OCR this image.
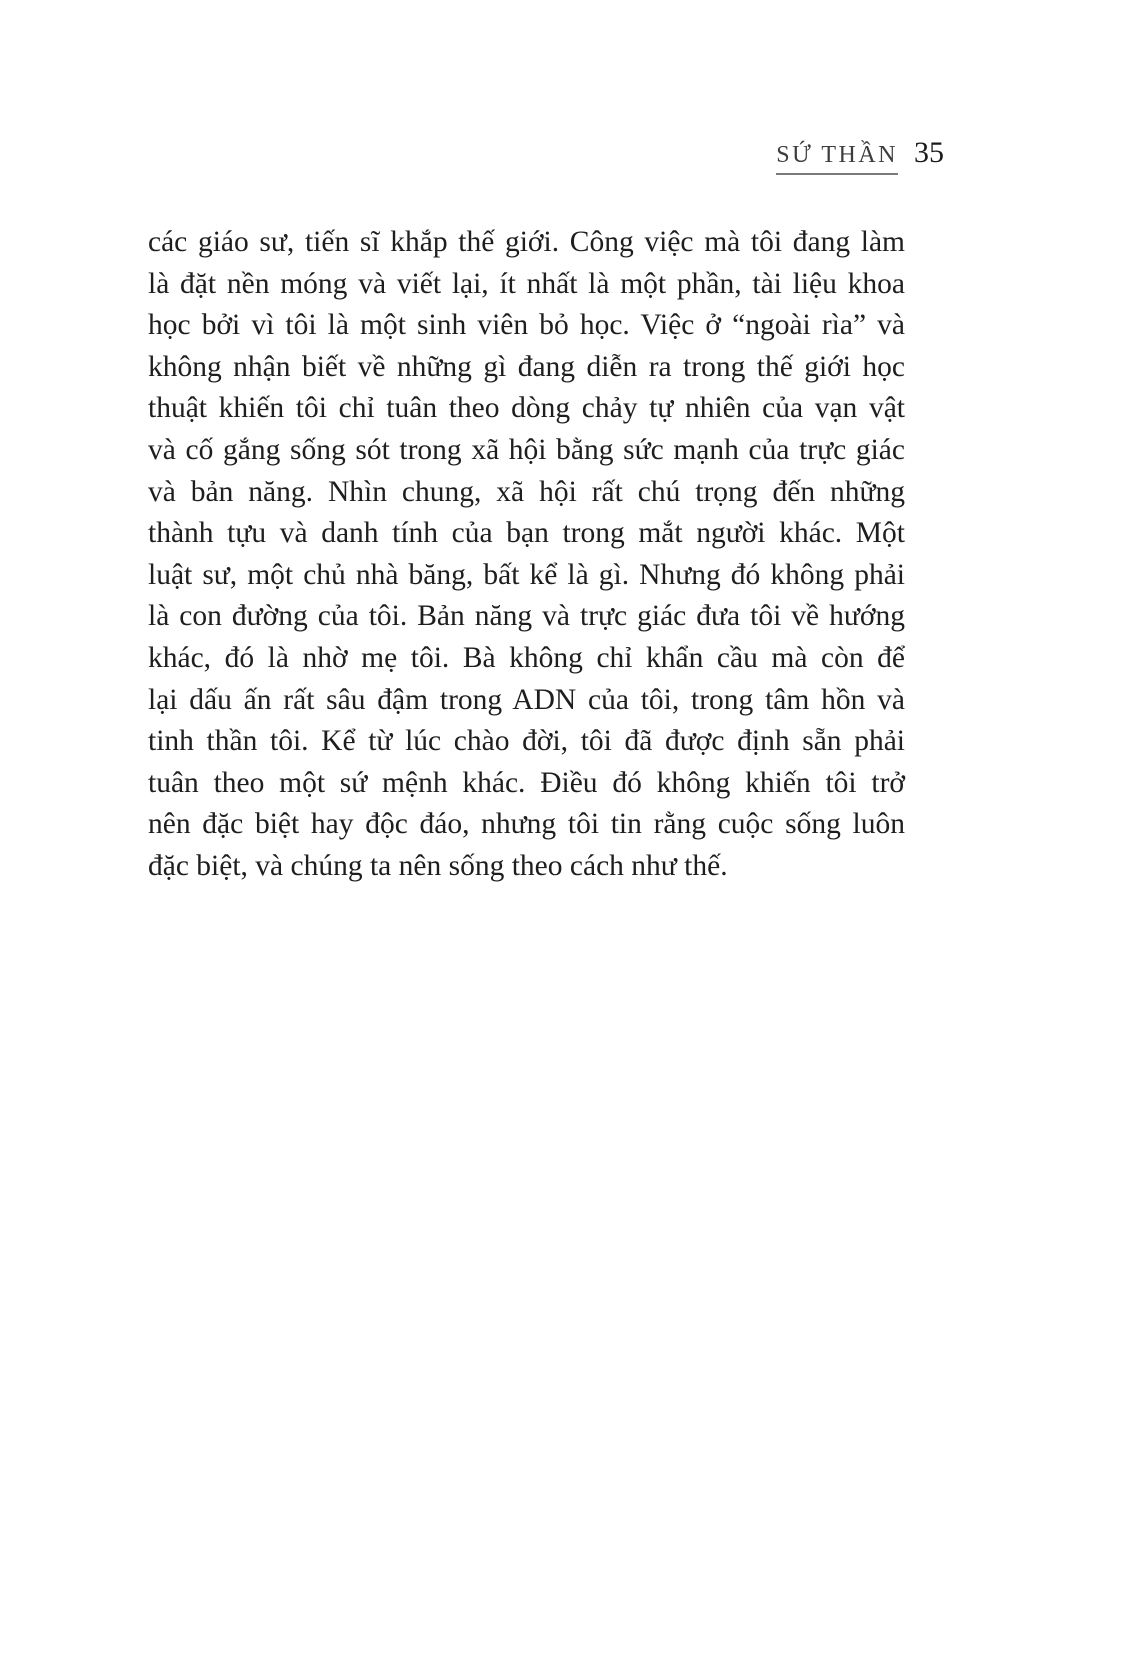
SỨ THẦN 35
các giáo sư, tiến sĩ khắp thế giới. Công việc mà tôi đang làm
là đặt nền móng và viết lại, ít nhất là một phần, tài liệu khoa
học bởi vì tôi là một sinh viên bỏ học. Việc ở “ngoài rìa” và
không nhận biết về những gì đang diễn ra trong thế giới học
thuật khiến tôi chỉ tuân theo dòng chảy tự nhiên của vạn vật
và cố gắng sống sót trong xã hội bằng sức mạnh của trực giác
và bản năng. Nhìn chung, xã hội rất chú trọng đến những
thành tựu và danh tính của bạn trong mắt người khác. Một
luật sư, một chủ nhà băng, bất kể là gì. Nhưng đó không phải
là con đường của tôi. Bản năng và trực giác đưa tôi về hướng
khác, đó là nhờ mẹ tôi. Bà không chỉ khẩn cầu mà còn để
lại dấu ấn rất sâu đậm trong ADN của tôi, trong tâm hồn và
tinh thần tôi. Kể từ lúc chào đời, tôi đã được định sẵn phải
tuân theo một sứ mệnh khác. Điều đó không khiến tôi trở
nên đặc biệt hay độc đáo, nhưng tôi tin rằng cuộc sống luôn
đặc biệt, và chúng ta nên sống theo cách như thế.
